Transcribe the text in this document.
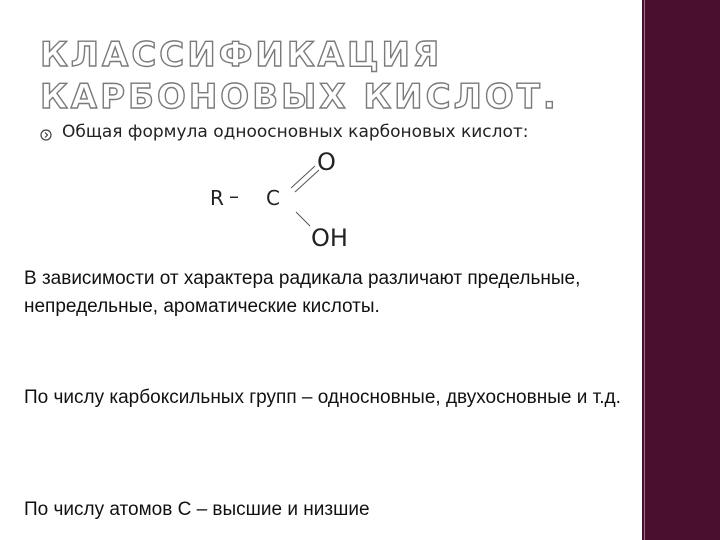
КЛАССИФИКАЦИЯ КАРБОНОВЫХ КИСЛОТ.
Общая формула одноосновных карбоновых кислот:
R – C
O
OH
В зависимости от характера радикала различают предельные, непредельные, ароматические кислоты.
По числу карбоксильных групп – односновные, двухосновные и т.д.
По числу атомов С – высшие и низшие
